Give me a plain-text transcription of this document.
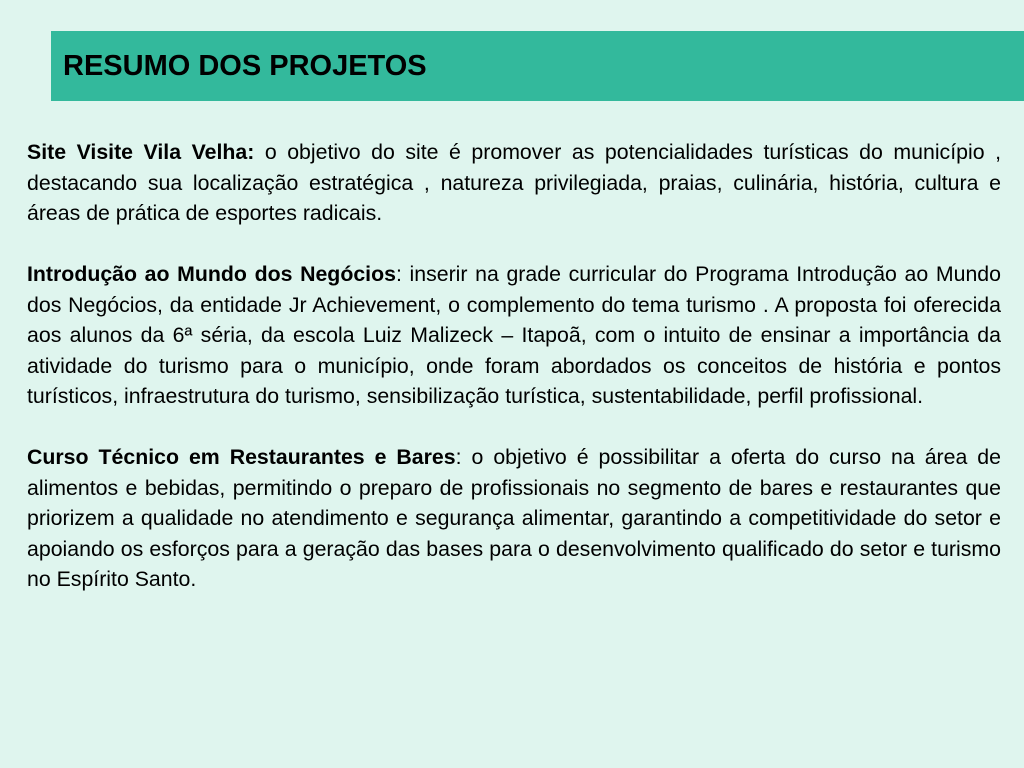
RESUMO DOS PROJETOS

Site Visite Vila Velha: o objetivo do site é promover as potencialidades turísticas do município , destacando sua localização estratégica , natureza privilegiada, praias, culinária, história, cultura e áreas de prática de esportes radicais.

Introdução ao Mundo dos Negócios: inserir na grade curricular do Programa Introdução ao Mundo dos Negócios, da entidade Jr Achievement, o complemento do tema turismo . A proposta foi oferecida aos alunos da 6ª séria, da escola Luiz Malizeck – Itapoã, com o intuito de ensinar a importância da atividade do turismo para o município, onde foram abordados os conceitos de história e pontos turísticos, infraestrutura do turismo, sensibilização turística, sustentabilidade, perfil profissional.

Curso Técnico em Restaurantes e Bares: o objetivo é possibilitar a oferta do curso na área de alimentos e bebidas, permitindo o preparo de profissionais no segmento de bares e restaurantes que priorizem a qualidade no atendimento e segurança alimentar, garantindo a competitividade do setor e apoiando os esforços para a geração das bases para o desenvolvimento qualificado do setor e turismo no Espírito Santo.
